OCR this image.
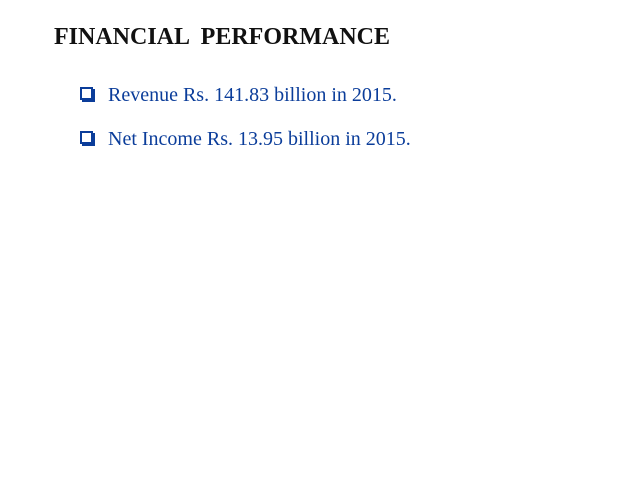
FINANCIAL  PERFORMANCE
Revenue Rs. 141.83 billion in 2015.
Net Income Rs. 13.95 billion in 2015.
